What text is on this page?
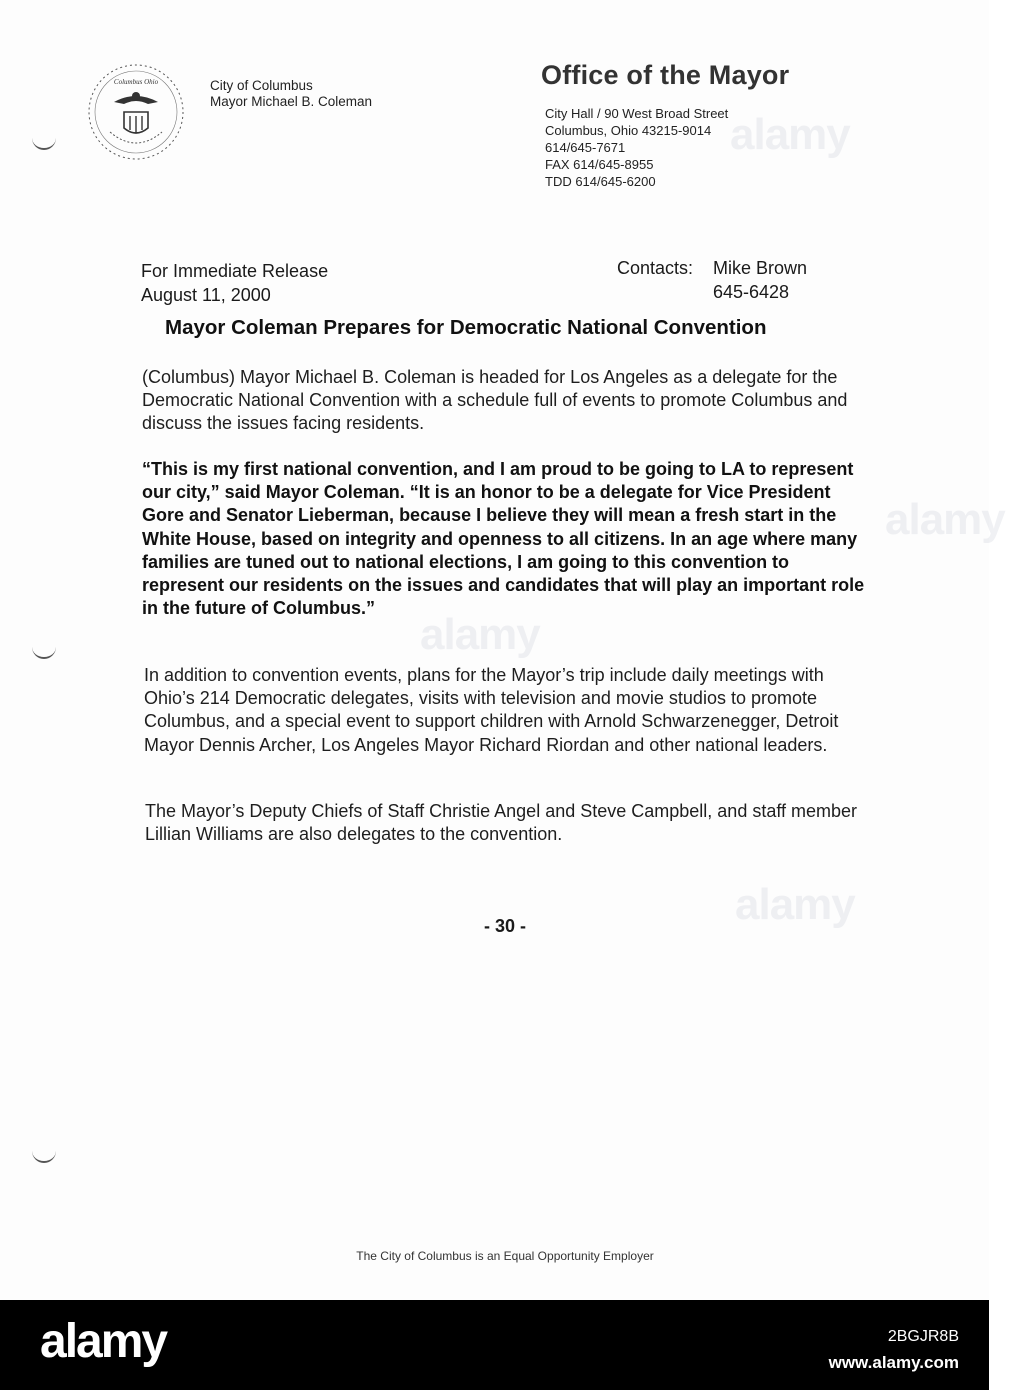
alamy
alamy
alamy
alamy
Columbus Ohio	City of Columbus
Mayor Michael B. Coleman
Office of the Mayor
City Hall / 90 West Broad Street
Columbus, Ohio 43215-9014
614/645-7671
FAX 614/645-8955
TDD 614/645-6200
For Immediate Release
August 11, 2000
Contacts:	Mike Brown
645-6428
Mayor Coleman Prepares for Democratic National Convention
(Columbus) Mayor Michael B. Coleman is headed for Los Angeles as a delegate for the Democratic National Convention with a schedule full of events to promote Columbus and discuss the issues facing residents.
“This is my first national convention, and I am proud to be going to LA to represent our city,” said Mayor Coleman. “It is an honor to be a delegate for Vice President Gore and Senator Lieberman, because I believe they will mean a fresh start in the White House, based on integrity and openness to all citizens. In an age where many families are tuned out to national elections, I am going to this convention to represent our residents on the issues and candidates that will play an important role in the future of Columbus.”
In addition to convention events, plans for the Mayor’s trip include daily meetings with Ohio’s 214 Democratic delegates, visits with television and movie studios to promote Columbus, and a special event to support children with Arnold Schwarzenegger, Detroit Mayor Dennis Archer, Los Angeles Mayor Richard Riordan and other national leaders.
The Mayor’s Deputy Chiefs of Staff Christie Angel and Steve Campbell, and staff member Lillian Williams are also delegates to the convention.
- 30 -
The City of Columbus is an Equal Opportunity Employer
alamy	2BGJR8B
www.alamy.com
